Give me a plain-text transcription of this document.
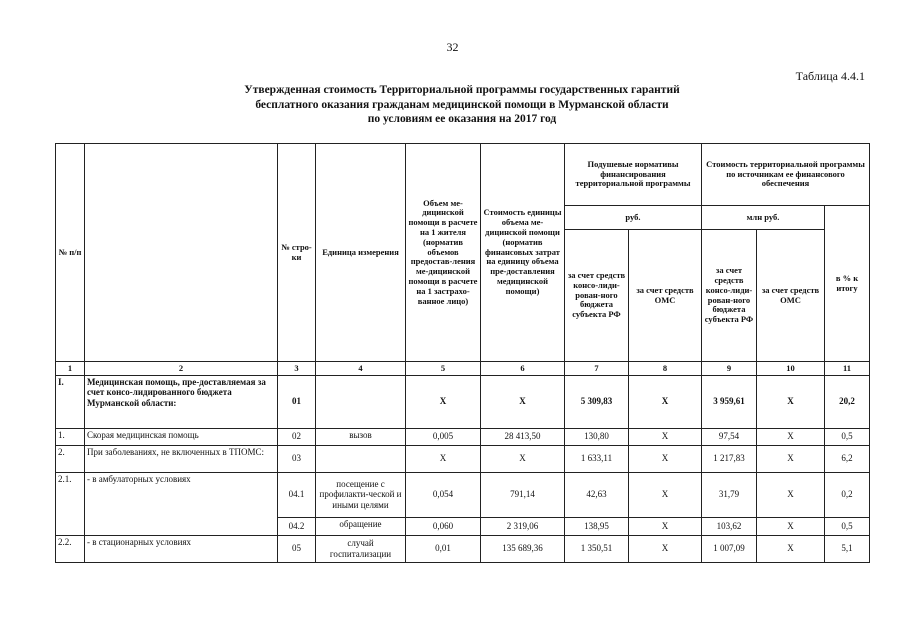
32
Таблица 4.4.1
Утвержденная стоимость Территориальной программы государственных гарантий
бесплатного оказания гражданам медицинской помощи в Мурманской области
по условиям ее оказания на 2017 год
№ п/п		№ стро-ки	Единица измерения	Объем ме-дицинской помощи в расчете на 1 жителя (норматив объемов предостав-ления ме-дицинской помощи в расчете на 1 застрахо-ванное лицо)	Стоимость единицы объема ме-дицинской помощи (норматив финансовых затрат на единицу объема пре-доставления медицинской помощи)	Подушевые нормативы финансирования территориальной программы		Стоимость территориальной программы по источникам ее финансового обеспечения		
						руб.		млн руб.		в % к итогу
						за счет средств консо-лиди-рован-ного бюджета субъекта РФ	за счет средств ОМС	за счет средств консо-лиди-рован-ного бюджета субъекта РФ	за счет средств ОМС	
1	2	3	4	5	6	7	8	9	10	11
I.	Медицинская помощь, пре-доставляемая за счет консо-лидированного бюджета Мурманской области:	01		Х	Х	5 309,83	Х	3 959,61	Х	20,2
1.	Скорая медицинская помощь	02	вызов	0,005	28 413,50	130,80	Х	97,54	Х	0,5
2.	При заболеваниях, не включенных в ТПОМС:	03		Х	Х	1 633,11	Х	1 217,83	Х	6,2
2.1.	- в амбулаторных условиях	04.1	посещение с профилакти-ческой и иными целями	0,054	791,14	42,63	Х	31,79	Х	0,2
		04.2	обращение	0,060	2 319,06	138,95	Х	103,62	Х	0,5
2.2.	- в стационарных условиях	05	случай госпитализации	0,01	135 689,36	1 350,51	Х	1 007,09	Х	5,1
